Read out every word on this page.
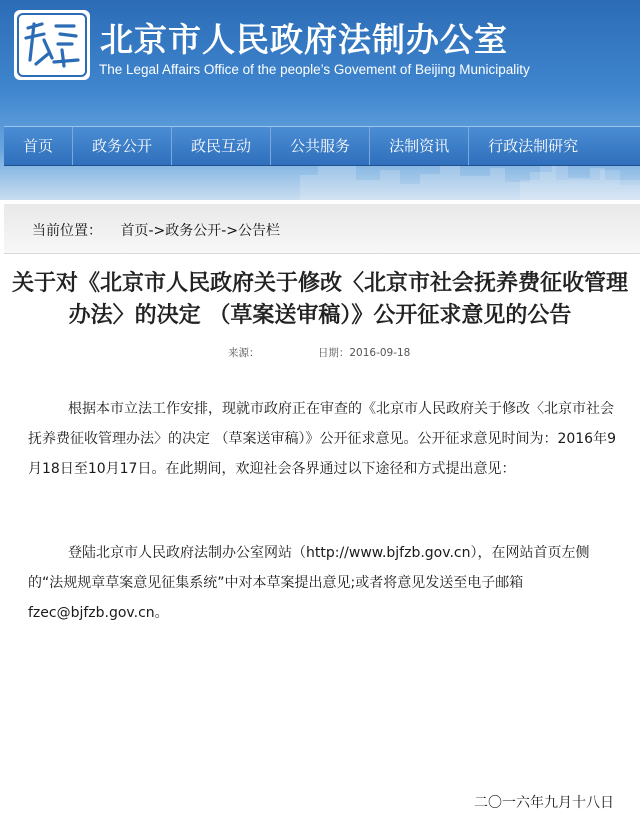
北京市人民政府法制办公室
The Legal Affairs Office of the people’s Govement of Beijing Municipality
首页	政务公开	政民互动	公共服务	法制资讯	行政法制研究
当前位置： 首页->政务公开->公告栏
关于对《北京市人民政府关于修改〈北京市社会抚养费征收管理办法〉的决定 （草案送审稿）》公开征求意见的公告
来源：	日期：2016-09-18
根据本市立法工作安排，现就市政府正在审查的《北京市人民政府关于修改〈北京市社会抚养费征收管理办法〉的决定 （草案送审稿）》公开征求意见。公开征求意见时间为：2016年9月18日至10月17日。在此期间，欢迎社会各界通过以下途径和方式提出意见：
登陆北京市人民政府法制办公室网站（http://www.bjfzb.gov.cn），在网站首页左侧的“法规规章草案意见征集系统”中对本草案提出意见;或者将意见发送至电子邮箱fzec@bjfzb.gov.cn。
二〇一六年九月十八日
